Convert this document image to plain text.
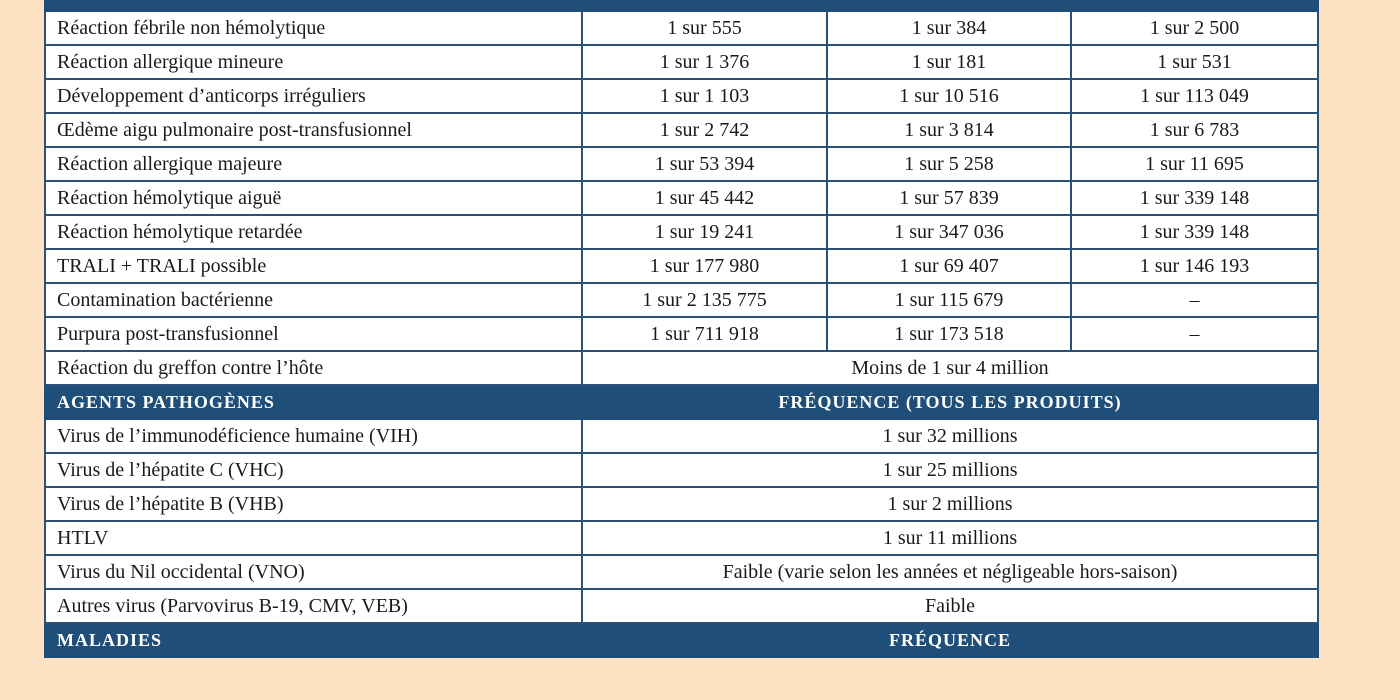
Réaction fébrile non hémolytique	1 sur 555	1 sur 384	1 sur 2 500
Réaction allergique mineure	1 sur 1 376	1 sur 181	1 sur 531
Développement d’anticorps irréguliers	1 sur 1 103	1 sur 10 516	1 sur 113 049
Œdème aigu pulmonaire post-transfusionnel	1 sur 2 742	1 sur 3 814	1 sur 6 783
Réaction allergique majeure	1 sur 53 394	1 sur 5 258	1 sur 11 695
Réaction hémolytique aiguë	1 sur 45 442	1 sur 57 839	1 sur 339 148
Réaction hémolytique retardée	1 sur 19 241	1 sur 347 036	1 sur 339 148
TRALI + TRALI possible	1 sur 177 980	1 sur 69 407	1 sur 146 193
Contamination bactérienne	1 sur 2 135 775	1 sur 115 679	–
Purpura post-transfusionnel	1 sur 711 918	1 sur 173 518	–
Réaction du greffon contre l’hôte	Moins de 1 sur 4 million		
AGENTS PATHOGÈNES	FRÉQUENCE (TOUS LES PRODUITS)		
Virus de l’immunodéficience humaine (VIH)	1 sur 32 millions		
Virus de l’hépatite C (VHC)	1 sur 25 millions		
Virus de l’hépatite B (VHB)	1 sur 2 millions		
HTLV	1 sur 11 millions		
Virus du Nil occidental (VNO)	Faible (varie selon les années et négligeable hors-saison)		
Autres virus (Parvovirus B-19, CMV, VEB)	Faible		
MALADIES	FRÉQUENCE		
